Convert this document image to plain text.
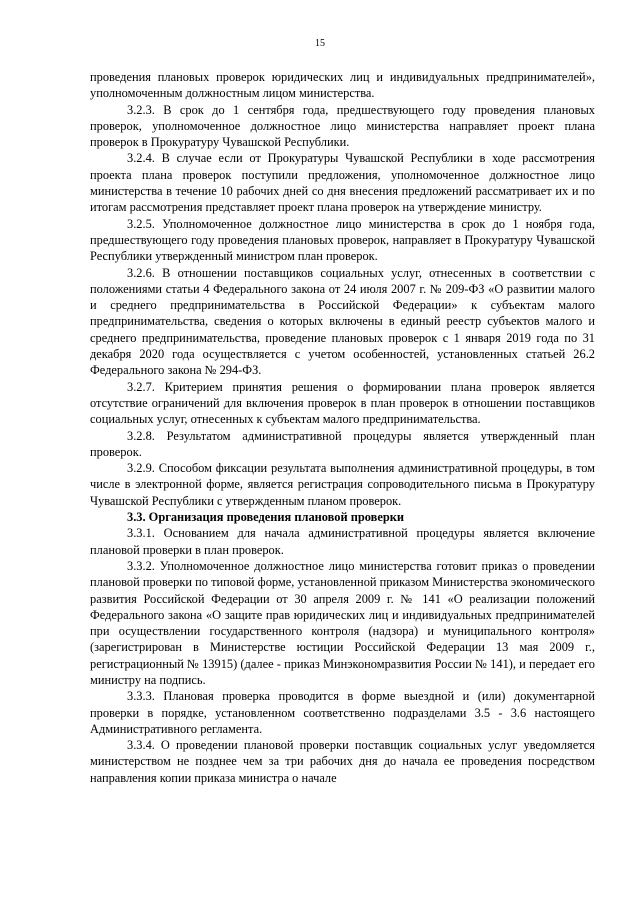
15

проведения плановых проверок юридических лиц и индивидуальных предпринимателей», уполномоченным должностным лицом министерства.

3.2.3. В срок до 1 сентября года, предшествующего году проведения плановых проверок, уполномоченное должностное лицо министерства направляет проект плана проверок в Прокуратуру Чувашской Республики.

3.2.4. В случае если от Прокуратуры Чувашской Республики в ходе рассмотрения проекта плана проверок поступили предложения, уполномоченное должностное лицо министерства в течение 10 рабочих дней со дня внесения предложений рассматривает их и по итогам рассмотрения представляет проект плана проверок на утверждение министру.

3.2.5. Уполномоченное должностное лицо министерства в срок до 1 ноября года, предшествующего году проведения плановых проверок, направляет в Прокуратуру Чувашской Республики утвержденный министром план проверок.

3.2.6. В отношении поставщиков социальных услуг, отнесенных в соответствии с положениями статьи 4 Федерального закона от 24 июля 2007 г. № 209-ФЗ «О развитии малого и среднего предпринимательства в Российской Федерации» к субъектам малого предпринимательства, сведения о которых включены в единый реестр субъектов малого и среднего предпринимательства, проведение плановых проверок с 1 января 2019 года по 31 декабря 2020 года осуществляется с учетом особенностей, установленных статьей 26.2 Федерального закона № 294-ФЗ.

3.2.7. Критерием принятия решения о формировании плана проверок является отсутствие ограничений для включения проверок в план проверок в отношении поставщиков социальных услуг, отнесенных к субъектам малого предпринимательства.

3.2.8. Результатом административной процедуры является утвержденный план проверок.

3.2.9. Способом фиксации результата выполнения административной процедуры, в том числе в электронной форме, является регистрация сопроводительного письма в Прокуратуру Чувашской Республики с утвержденным планом проверок.

3.3. Организация проведения плановой проверки

3.3.1. Основанием для начала административной процедуры является включение плановой проверки в план проверок.

3.3.2. Уполномоченное должностное лицо министерства готовит приказ о проведении плановой проверки по типовой форме, установленной приказом Министерства экономического развития Российской Федерации от 30 апреля 2009 г. № 141 «О реализации положений Федерального закона «О защите прав юридических лиц и индивидуальных предпринимателей при осуществлении государственного контроля (надзора) и муниципального контроля» (зарегистрирован в Министерстве юстиции Российской Федерации 13 мая 2009 г., регистрационный № 13915) (далее - приказ Минэкономразвития России № 141), и передает его министру на подпись.

3.3.3. Плановая проверка проводится в форме выездной и (или) документарной проверки в порядке, установленном соответственно подразделами 3.5 - 3.6 настоящего Административного регламента.

3.3.4. О проведении плановой проверки поставщик социальных услуг уведомляется министерством не позднее чем за три рабочих дня до начала ее проведения посредством направления копии приказа министра о начале
